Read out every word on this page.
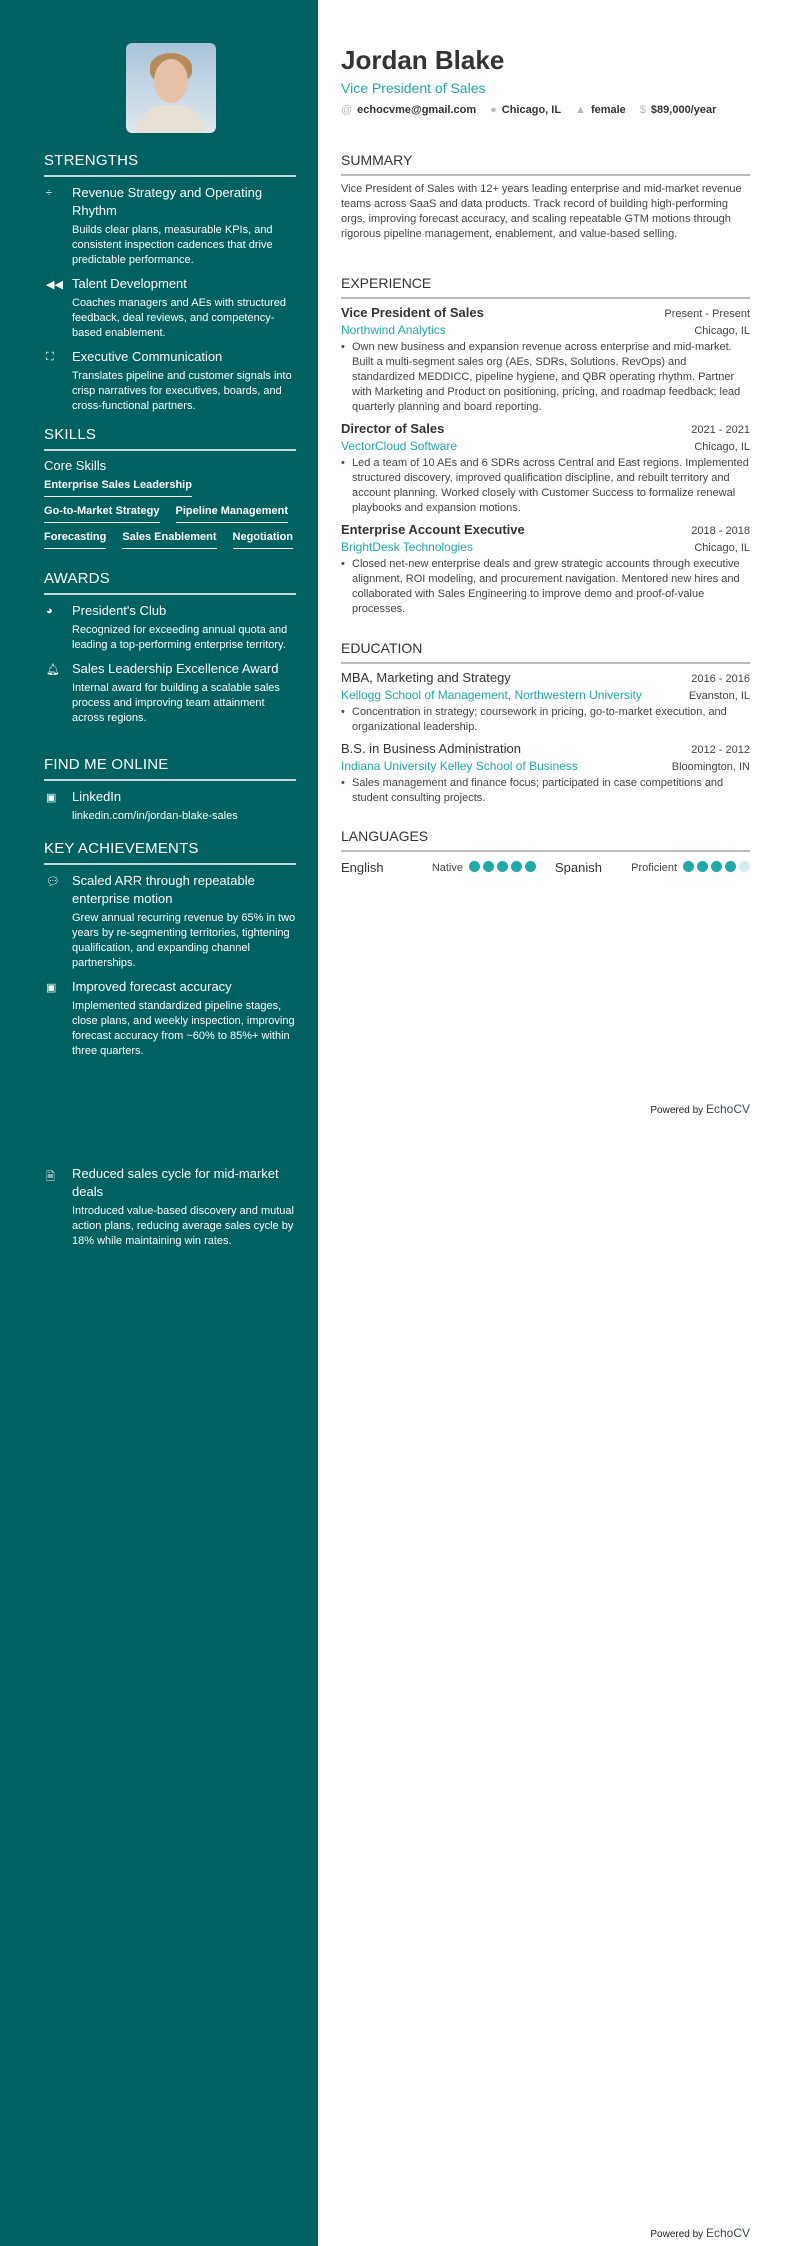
STRENGTHS
÷	Revenue Strategy and Operating Rhythm
Builds clear plans, measurable KPIs, and consistent inspection cadences that drive predictable performance.
◀◀ Talent Development
Coaches managers and AEs with structured feedback, deal reviews, and competency-based enablement.
⛶	Executive Communication
Translates pipeline and customer signals into crisp narratives for executives, boards, and cross-functional partners.
SKILLS
Core Skills
Enterprise Sales Leadership
Go-to-Market Strategy Pipeline Management
Forecasting Sales Enablement Negotiation
AWARDS
◕	President's Club
Recognized for exceeding annual quota and leading a top-performing enterprise territory.
🔔︎ Sales Leadership Excellence Award
Internal award for building a scalable sales process and improving team attainment across regions.
FIND ME ONLINE
▣	LinkedIn
linkedin.com/in/jordan-blake-sales
KEY ACHIEVEMENTS
💬︎ Scaled ARR through repeatable enterprise motion
Grew annual recurring revenue by 65% in two years by re-segmenting territories, tightening qualification, and expanding channel partnerships.
▣	Improved forecast accuracy
Implemented standardized pipeline stages, close plans, and weekly inspection, improving forecast accuracy from ~60% to 85%+ within three quarters.
🗎	Reduced sales cycle for mid-market deals
Introduced value-based discovery and mutual action plans, reducing average sales cycle by 18% while maintaining win rates.
Jordan Blake
Vice President of Sales
@ echocvme@gmail.com ● Chicago, IL ▲ female $ $89,000/year
SUMMARY
Vice President of Sales with 12+ years leading enterprise and mid-market revenue teams across SaaS and data products. Track record of building high-performing orgs, improving forecast accuracy, and scaling repeatable GTM motions through rigorous pipeline management, enablement, and value-based selling.
EXPERIENCE
Vice President of Sales	Present - Present
Northwind Analytics	Chicago, IL
• Own new business and expansion revenue across enterprise and mid-market. Built a multi-segment sales org (AEs, SDRs, Solutions, RevOps) and standardized MEDDICC, pipeline hygiene, and QBR operating rhythm. Partner with Marketing and Product on positioning, pricing, and roadmap feedback; lead quarterly planning and board reporting.
Director of Sales	2021 - 2021
VectorCloud Software	Chicago, IL
• Led a team of 10 AEs and 6 SDRs across Central and East regions. Implemented structured discovery, improved qualification discipline, and rebuilt territory and account planning. Worked closely with Customer Success to formalize renewal playbooks and expansion motions.
Enterprise Account Executive	2018 - 2018
BrightDesk Technologies	Chicago, IL
• Closed net-new enterprise deals and grew strategic accounts through executive alignment, ROI modeling, and procurement navigation. Mentored new hires and collaborated with Sales Engineering to improve demo and proof-of-value processes.
EDUCATION
MBA, Marketing and Strategy	2016 - 2016
Kellogg School of Management, Northwestern University	Evanston, IL
• Concentration in strategy; coursework in pricing, go-to-market execution, and organizational leadership.
B.S. in Business Administration	2012 - 2012
Indiana University Kelley School of Business	Bloomington, IN
• Sales management and finance focus; participated in case competitions and student consulting projects.
LANGUAGES
English	Native	Spanish	Proficient
Powered by EchoCV
Powered by EchoCV
